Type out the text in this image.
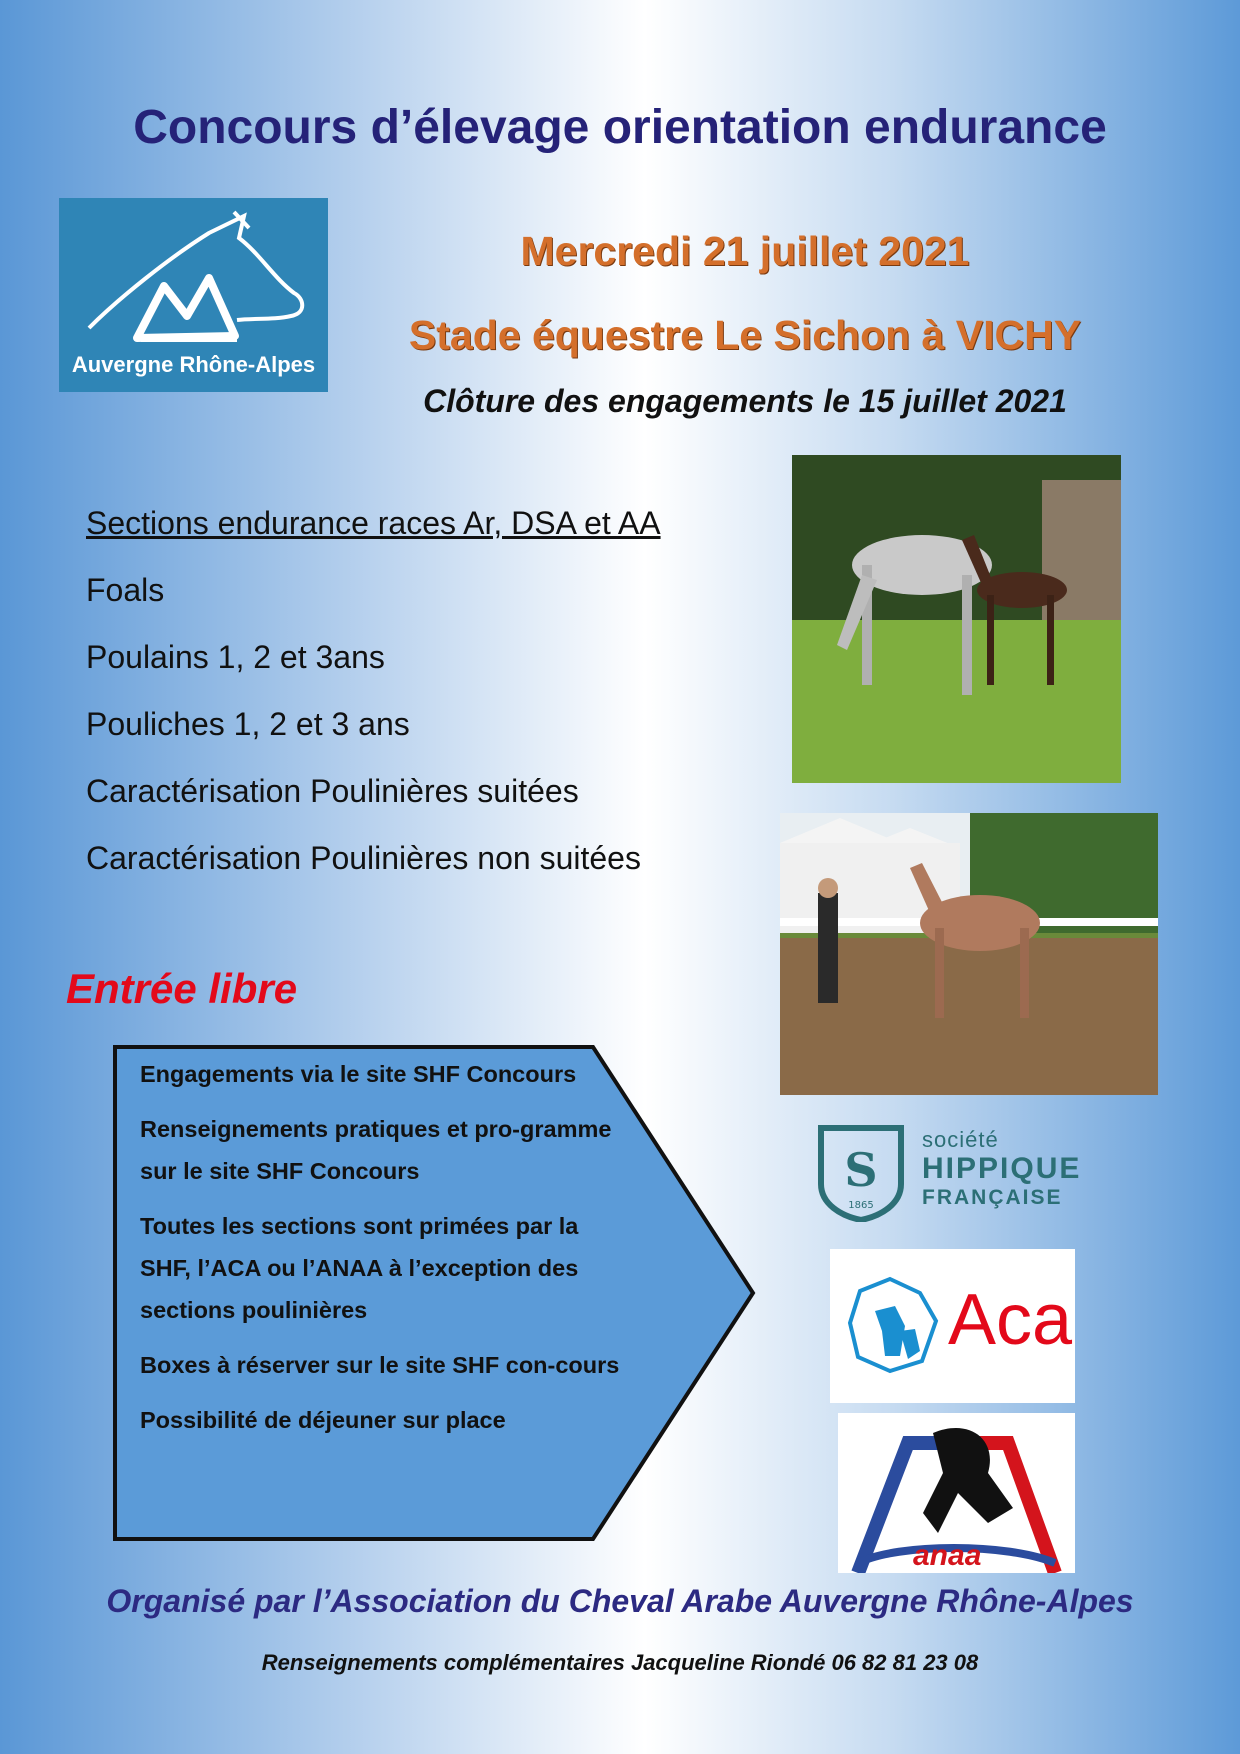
Concours d’élevage orientation endurance
Auvergne Rhône-Alpes
Mercredi 21 juillet 2021
Stade équestre Le Sichon à VICHY
Clôture des engagements le 15 juillet 2021
Sections endurance races Ar, DSA et AA
Foals
Poulains 1, 2 et 3ans
Pouliches 1, 2 et 3 ans
Caractérisation Poulinières suitées
Caractérisation Poulinières non suitées
Entrée libre

Engagements via le site SHF Concours

Renseignements pratiques et pro-gramme sur le site SHF Concours

Toutes les sections sont primées par la SHF, l’ACA ou l’ANAA à l’exception des sections poulinières

Boxes à réserver sur le site SHF con-cours

Possibilité de déjeuner sur place

S
1865
société
HIPPIQUE
FRANÇAISE
Aca
anaa
Organisé par l’Association du Cheval Arabe Auvergne Rhône-Alpes
Renseignements complémentaires Jacqueline Riondé 06 82 81 23 08
